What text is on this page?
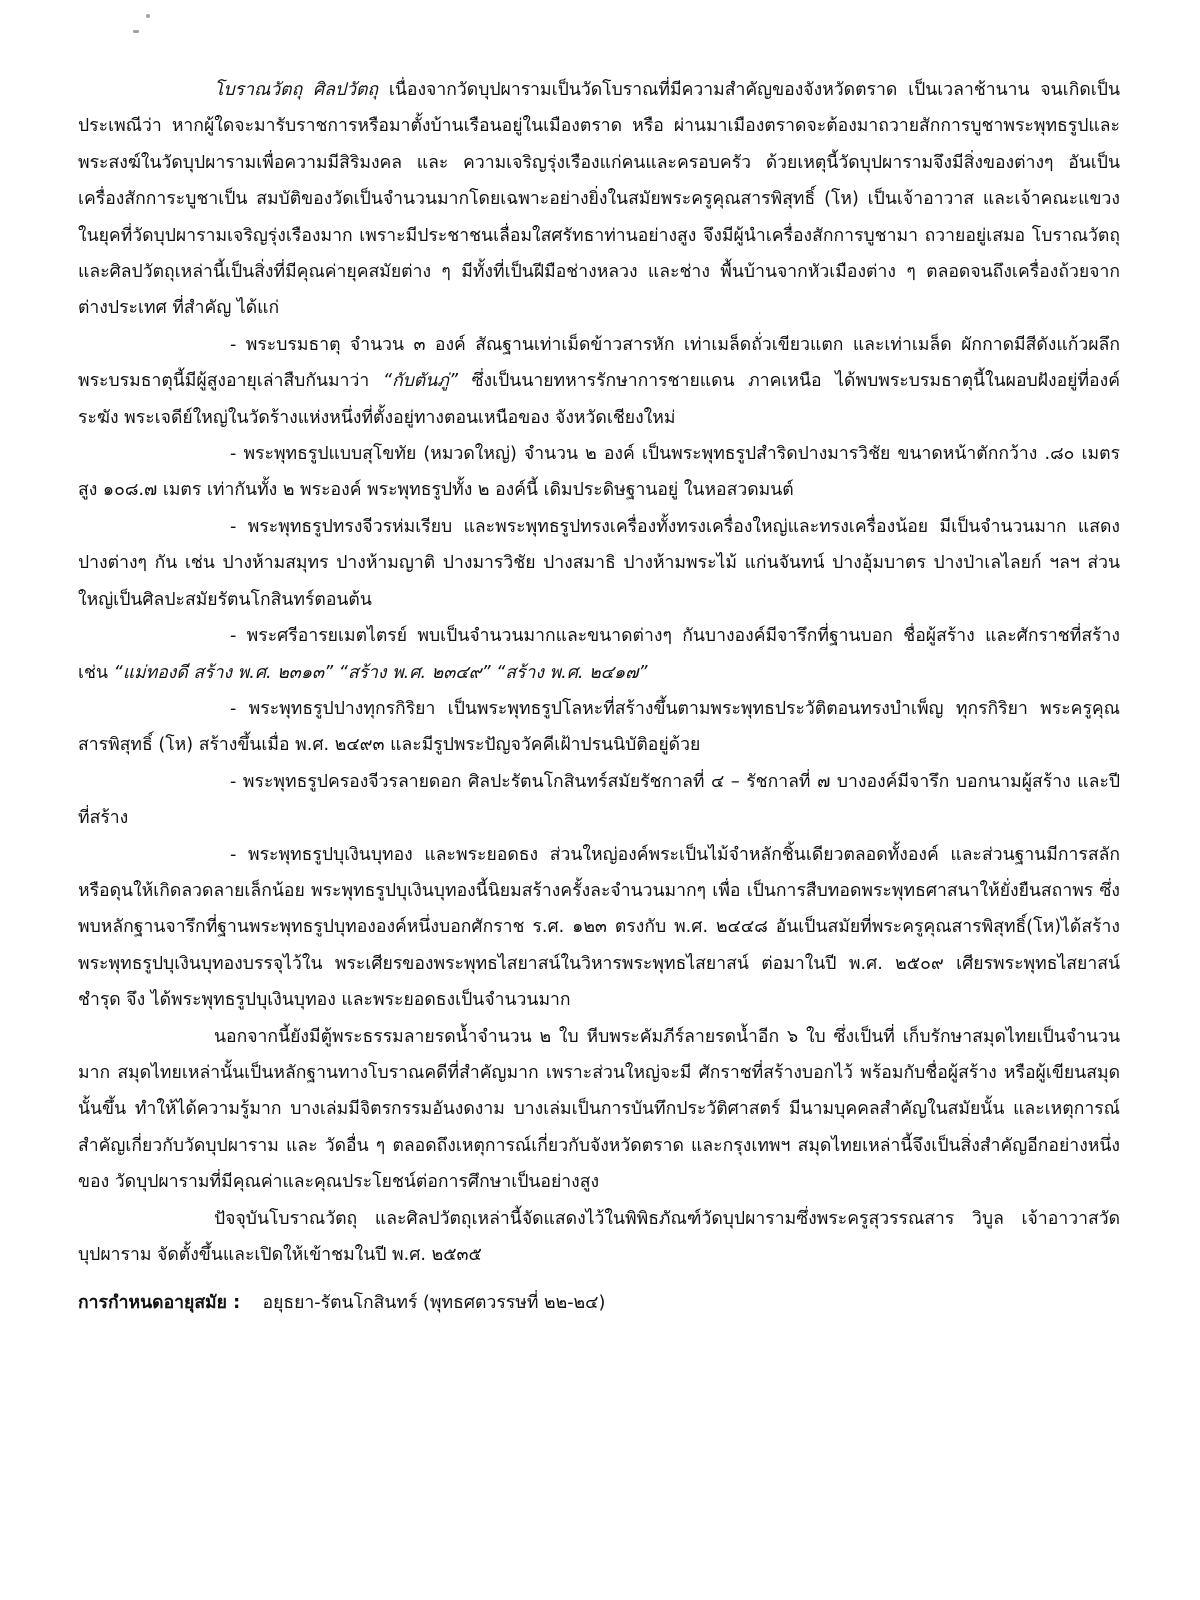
โบราณวัตถุ ศิลปวัตถุ เนื่องจากวัดบุปผารามเป็นวัดโบราณที่มีความสำคัญของจังหวัดตราด เป็นเวลาช้านาน จนเกิดเป็นประเพณีว่า หากผู้ใดจะมารับราชการหรือมาตั้งบ้านเรือนอยู่ในเมืองตราด หรือ ผ่านมาเมืองตราดจะต้องมาถวายสักการบูชาพระพุทธรูปและพระสงฆ์ในวัดบุปผารามเพื่อความมีสิริมงคล และ ความเจริญรุ่งเรืองแก่คนและครอบครัว ด้วยเหตุนี้วัดบุปผารามจึงมีสิ่งของต่างๆ อันเป็นเครื่องสักการะบูชาเป็น สมบัติของวัดเป็นจำนวนมากโดยเฉพาะอย่างยิ่งในสมัยพระครูคุณสารพิสุทธิ์ (โห) เป็นเจ้าอาวาส และเจ้าคณะแขวง ในยุคที่วัดบุปผารามเจริญรุ่งเรืองมาก เพราะมีประชาชนเลื่อมใสศรัทธาท่านอย่างสูง จึงมีผู้นำเครื่องสักการบูชามา ถวายอยู่เสมอ โบราณวัตถุ และศิลปวัตถุเหล่านี้เป็นสิ่งที่มีคุณค่ายุคสมัยต่าง ๆ มีทั้งที่เป็นฝีมือช่างหลวง และช่าง พื้นบ้านจากหัวเมืองต่าง ๆ ตลอดจนถึงเครื่องถ้วยจากต่างประเทศ ที่สำคัญ ได้แก่

- พระบรมธาตุ จำนวน ๓ องค์ สัณฐานเท่าเม็ดข้าวสารหัก เท่าเมล็ดถั่วเขียวแตก และเท่าเมล็ด ผักกาดมีสีดังแก้วผลึก พระบรมธาตุนี้มีผู้สูงอายุเล่าสืบกันมาว่า “กับตันภู่” ซึ่งเป็นนายทหารรักษาการชายแดน ภาคเหนือ ได้พบพระบรมธาตุนี้ในผอบฝังอยู่ที่องค์ระฆัง พระเจดีย์ใหญ่ในวัดร้างแห่งหนึ่งที่ตั้งอยู่ทางตอนเหนือของ จังหวัดเชียงใหม่

- พระพุทธรูปแบบสุโขทัย (หมวดใหญ่) จำนวน ๒ องค์ เป็นพระพุทธรูปสำริดปางมารวิชัย ขนาดหน้าตักกว้าง .๘๐ เมตร สูง ๑๐๘.๗ เมตร เท่ากันทั้ง ๒ พระองค์ พระพุทธรูปทั้ง ๒ องค์นี้ เดิมประดิษฐานอยู่ ในหอสวดมนต์

- พระพุทธรูปทรงจีวรห่มเรียบ และพระพุทธรูปทรงเครื่องทั้งทรงเครื่องใหญ่และทรงเครื่องน้อย มีเป็นจำนวนมาก แสดงปางต่างๆ กัน เช่น ปางห้ามสมุทร ปางห้ามญาติ ปางมารวิชัย ปางสมาธิ ปางห้ามพระไม้ แก่นจันทน์ ปางอุ้มบาตร ปางป่าเลไลยก์ ฯลฯ ส่วนใหญ่เป็นศิลปะสมัยรัตนโกสินทร์ตอนต้น

- พระศรีอารยเมตไตรย์ พบเป็นจำนวนมากและขนาดต่างๆ กันบางองค์มีจารึกที่ฐานบอก ชื่อผู้สร้าง และศักราชที่สร้าง เช่น “แม่ทองดี สร้าง พ.ศ. ๒๓๑๓” “สร้าง พ.ศ. ๒๓๔๙” “สร้าง พ.ศ. ๒๔๑๗”

- พระพุทธรูปปางทุกรกิริยา เป็นพระพุทธรูปโลหะที่สร้างขึ้นตามพระพุทธประวัติตอนทรงบำเพ็ญ ทุกรกิริยา พระครูคุณสารพิสุทธิ์ (โห) สร้างขึ้นเมื่อ พ.ศ. ๒๔๙๓ และมีรูปพระปัญจวัคคีเฝ้าปรนนิบัติอยู่ด้วย

- พระพุทธรูปครองจีวรลายดอก ศิลปะรัตนโกสินทร์สมัยรัชกาลที่ ๔ – รัชกาลที่ ๗ บางองค์มีจารึก บอกนามผู้สร้าง และปีที่สร้าง

- พระพุทธรูปบุเงินบุทอง และพระยอดธง ส่วนใหญ่องค์พระเป็นไม้จำหลักชิ้นเดียวตลอดทั้งองค์ และส่วนฐานมีการสลักหรือดุนให้เกิดลวดลายเล็กน้อย พระพุทธรูปบุเงินบุทองนี้นิยมสร้างครั้งละจำนวนมากๆ เพื่อ เป็นการสืบทอดพระพุทธศาสนาให้ยั่งยืนสถาพร ซึ่งพบหลักฐานจารึกที่ฐานพระพุทธรูปบุทององค์หนึ่งบอกศักราช ร.ศ. ๑๒๓ ตรงกับ พ.ศ. ๒๔๔๘ อันเป็นสมัยที่พระครูคุณสารพิสุทธิ์(โห)ได้สร้างพระพุทธรูปบุเงินบุทองบรรจุไว้ใน พระเศียรของพระพุทธไสยาสน์ในวิหารพระพุทธไสยาสน์ ต่อมาในปี พ.ศ. ๒๕๐๙ เศียรพระพุทธไสยาสน์ชำรุด จึง ได้พระพุทธรูปบุเงินบุทอง และพระยอดธงเป็นจำนวนมาก

นอกจากนี้ยังมีตู้พระธรรมลายรดน้ำจำนวน ๒ ใบ หีบพระคัมภีร์ลายรดน้ำอีก ๖ ใบ ซึ่งเป็นที่ เก็บรักษาสมุดไทยเป็นจำนวนมาก สมุดไทยเหล่านั้นเป็นหลักฐานทางโบราณคดีที่สำคัญมาก เพราะส่วนใหญ่จะมี ศักราชที่สร้างบอกไว้ พร้อมกับชื่อผู้สร้าง หรือผู้เขียนสมุดนั้นขึ้น ทำให้ได้ความรู้มาก บางเล่มมีจิตรกรรมอันงดงาม บางเล่มเป็นการบันทึกประวัติศาสตร์ มีนามบุคคลสำคัญในสมัยนั้น และเหตุการณ์สำคัญเกี่ยวกับวัดบุปผาราม และ วัดอื่น ๆ ตลอดถึงเหตุการณ์เกี่ยวกับจังหวัดตราด และกรุงเทพฯ สมุดไทยเหล่านี้จึงเป็นสิ่งสำคัญอีกอย่างหนึ่งของ วัดบุปผารามที่มีคุณค่าและคุณประโยชน์ต่อการศึกษาเป็นอย่างสูง

ปัจจุบันโบราณวัตถุ และศิลปวัตถุเหล่านี้จัดแสดงไว้ในพิพิธภัณฑ์วัดบุปผารามซึ่งพระครูสุวรรณสาร วิบูล เจ้าอาวาสวัดบุปผาราม จัดตั้งขึ้นและเปิดให้เข้าชมในปี พ.ศ. ๒๕๓๕

การกำหนดอายุสมัย : อยุธยา-รัตนโกสินทร์ (พุทธศตวรรษที่ ๒๒-๒๔)
